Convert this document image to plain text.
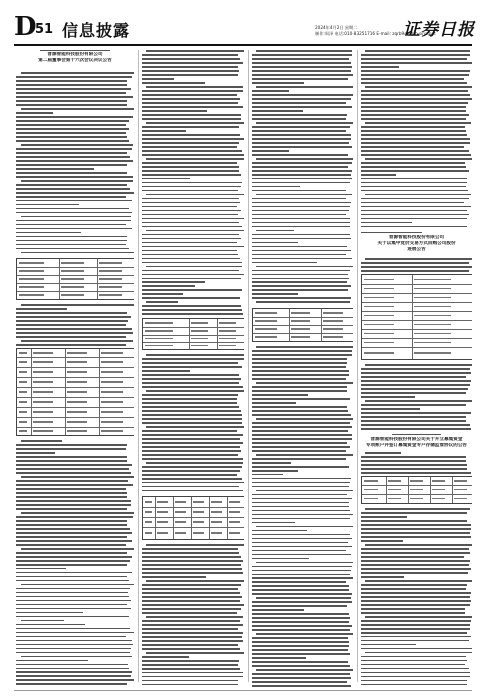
D 51 信息披露	2024年4月2日 星期二
制作:周泽 电话:010-83251716 E-mail: zqrb9@zqrb.sina.net
证券日报
晋源智能科技股份有限公司
第二届董事会第十六次会议决议公告
晋源智能科技股份有限公司
关于以集中竞价交易方式回购公司股份
进展公告
晋源智能科技股份有限公司关于开立募集资金
专项账户并签订募集资金专户存储监管协议的公告
